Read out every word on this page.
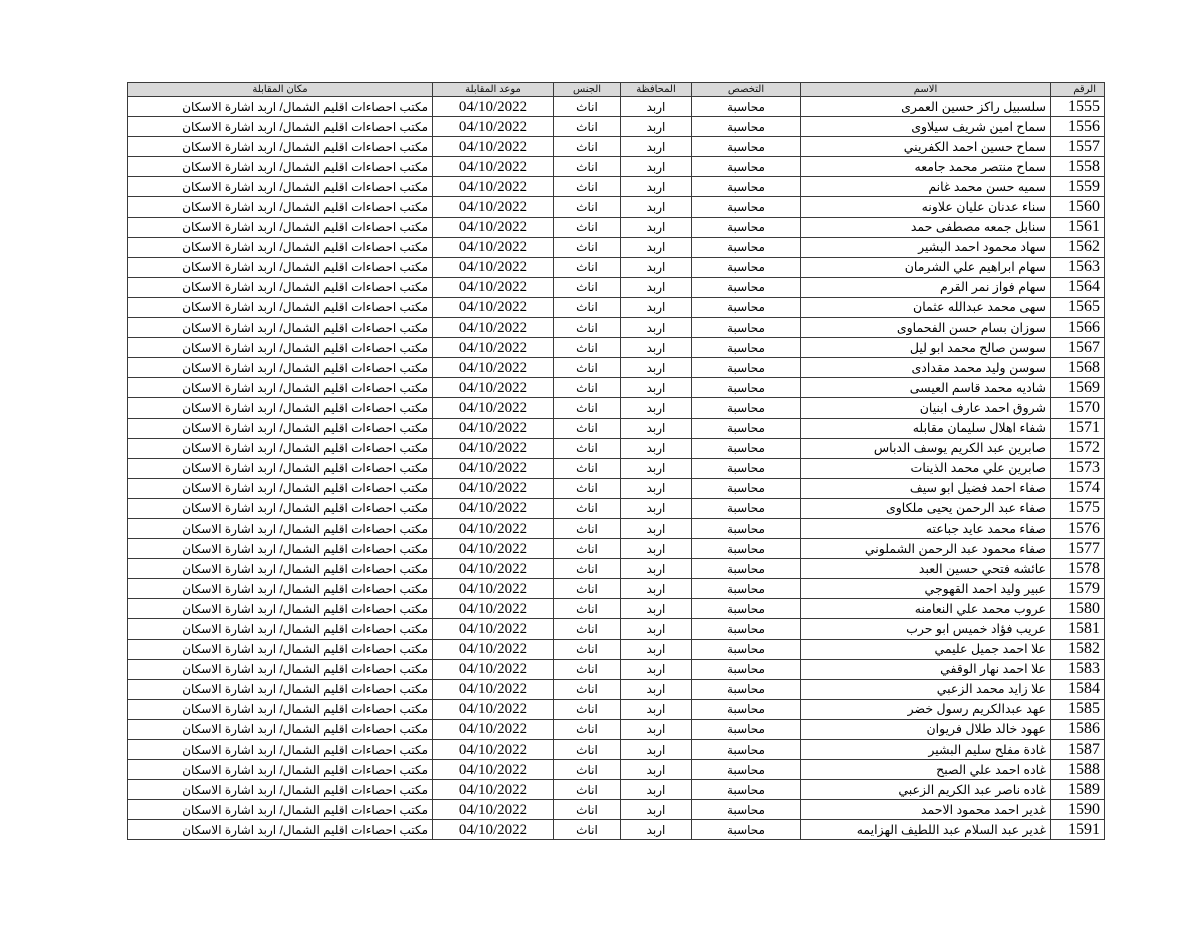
مكان المقابلة	موعد المقابلة	الجنس	المحافظة	التخصص	الاسم	الرقم
مكتب احصاءات اقليم الشمال/ اربد اشارة الاسكان	04/10/2022	اناث	اربد	محاسبة	سلسبيل راكز حسين العمرى	1555
مكتب احصاءات اقليم الشمال/ اربد اشارة الاسكان	04/10/2022	اناث	اربد	محاسبة	سماح امين شريف سيلاوى	1556
مكتب احصاءات اقليم الشمال/ اربد اشارة الاسكان	04/10/2022	اناث	اربد	محاسبة	سماح حسين احمد الكفريني	1557
مكتب احصاءات اقليم الشمال/ اربد اشارة الاسكان	04/10/2022	اناث	اربد	محاسبة	سماح منتصر محمد جامعه	1558
مكتب احصاءات اقليم الشمال/ اربد اشارة الاسكان	04/10/2022	اناث	اربد	محاسبة	سميه حسن محمد غانم	1559
مكتب احصاءات اقليم الشمال/ اربد اشارة الاسكان	04/10/2022	اناث	اربد	محاسبة	سناء عدنان عليان علاونه	1560
مكتب احصاءات اقليم الشمال/ اربد اشارة الاسكان	04/10/2022	اناث	اربد	محاسبة	سنابل جمعه مصطفى حمد	1561
مكتب احصاءات اقليم الشمال/ اربد اشارة الاسكان	04/10/2022	اناث	اربد	محاسبة	سهاد محمود احمد البشير	1562
مكتب احصاءات اقليم الشمال/ اربد اشارة الاسكان	04/10/2022	اناث	اربد	محاسبة	سهام ابراهيم علي الشرمان	1563
مكتب احصاءات اقليم الشمال/ اربد اشارة الاسكان	04/10/2022	اناث	اربد	محاسبة	سهام فواز نمر القرم	1564
مكتب احصاءات اقليم الشمال/ اربد اشارة الاسكان	04/10/2022	اناث	اربد	محاسبة	سهى محمد عبدالله عثمان	1565
مكتب احصاءات اقليم الشمال/ اربد اشارة الاسكان	04/10/2022	اناث	اربد	محاسبة	سوزان بسام حسن الفحماوى	1566
مكتب احصاءات اقليم الشمال/ اربد اشارة الاسكان	04/10/2022	اناث	اربد	محاسبة	سوسن صالح محمد ابو ليل	1567
مكتب احصاءات اقليم الشمال/ اربد اشارة الاسكان	04/10/2022	اناث	اربد	محاسبة	سوسن وليد محمد مقدادى	1568
مكتب احصاءات اقليم الشمال/ اربد اشارة الاسكان	04/10/2022	اناث	اربد	محاسبة	شاديه محمد قاسم العيسى	1569
مكتب احصاءات اقليم الشمال/ اربد اشارة الاسكان	04/10/2022	اناث	اربد	محاسبة	شروق احمد عارف ابنيان	1570
مكتب احصاءات اقليم الشمال/ اربد اشارة الاسكان	04/10/2022	اناث	اربد	محاسبة	شفاء اهلال سليمان مقابله	1571
مكتب احصاءات اقليم الشمال/ اربد اشارة الاسكان	04/10/2022	اناث	اربد	محاسبة	صابرين عبد الكريم يوسف الدباس	1572
مكتب احصاءات اقليم الشمال/ اربد اشارة الاسكان	04/10/2022	اناث	اربد	محاسبة	صابرين علي محمد الذينات	1573
مكتب احصاءات اقليم الشمال/ اربد اشارة الاسكان	04/10/2022	اناث	اربد	محاسبة	صفاء احمد فضيل ابو سيف	1574
مكتب احصاءات اقليم الشمال/ اربد اشارة الاسكان	04/10/2022	اناث	اربد	محاسبة	صفاء عبد الرحمن يحيى ملكاوى	1575
مكتب احصاءات اقليم الشمال/ اربد اشارة الاسكان	04/10/2022	اناث	اربد	محاسبة	صفاء محمد عايد جباعته	1576
مكتب احصاءات اقليم الشمال/ اربد اشارة الاسكان	04/10/2022	اناث	اربد	محاسبة	صفاء محمود عبد الرحمن الشملوني	1577
مكتب احصاءات اقليم الشمال/ اربد اشارة الاسكان	04/10/2022	اناث	اربد	محاسبة	عائشه فتحي حسين العبد	1578
مكتب احصاءات اقليم الشمال/ اربد اشارة الاسكان	04/10/2022	اناث	اربد	محاسبة	عبير وليد احمد القهوجي	1579
مكتب احصاءات اقليم الشمال/ اربد اشارة الاسكان	04/10/2022	اناث	اربد	محاسبة	عروب محمد علي النعامنه	1580
مكتب احصاءات اقليم الشمال/ اربد اشارة الاسكان	04/10/2022	اناث	اربد	محاسبة	عريب فؤاد خميس ابو حرب	1581
مكتب احصاءات اقليم الشمال/ اربد اشارة الاسكان	04/10/2022	اناث	اربد	محاسبة	علا احمد جميل عليمي	1582
مكتب احصاءات اقليم الشمال/ اربد اشارة الاسكان	04/10/2022	اناث	اربد	محاسبة	علا احمد نهار الوقفي	1583
مكتب احصاءات اقليم الشمال/ اربد اشارة الاسكان	04/10/2022	اناث	اربد	محاسبة	علا زايد محمد الزعبي	1584
مكتب احصاءات اقليم الشمال/ اربد اشارة الاسكان	04/10/2022	اناث	اربد	محاسبة	عهد عبدالكريم رسول خضر	1585
مكتب احصاءات اقليم الشمال/ اربد اشارة الاسكان	04/10/2022	اناث	اربد	محاسبة	عهود خالد طلال فريوان	1586
مكتب احصاءات اقليم الشمال/ اربد اشارة الاسكان	04/10/2022	اناث	اربد	محاسبة	غادة مفلح سليم البشير	1587
مكتب احصاءات اقليم الشمال/ اربد اشارة الاسكان	04/10/2022	اناث	اربد	محاسبة	غاده احمد علي الصبح	1588
مكتب احصاءات اقليم الشمال/ اربد اشارة الاسكان	04/10/2022	اناث	اربد	محاسبة	غاده ناصر عبد الكريم الزعبي	1589
مكتب احصاءات اقليم الشمال/ اربد اشارة الاسكان	04/10/2022	اناث	اربد	محاسبة	غدير احمد محمود الاحمد	1590
مكتب احصاءات اقليم الشمال/ اربد اشارة الاسكان	04/10/2022	اناث	اربد	محاسبة	غدير عبد السلام عبد اللطيف الهزايمه	1591
